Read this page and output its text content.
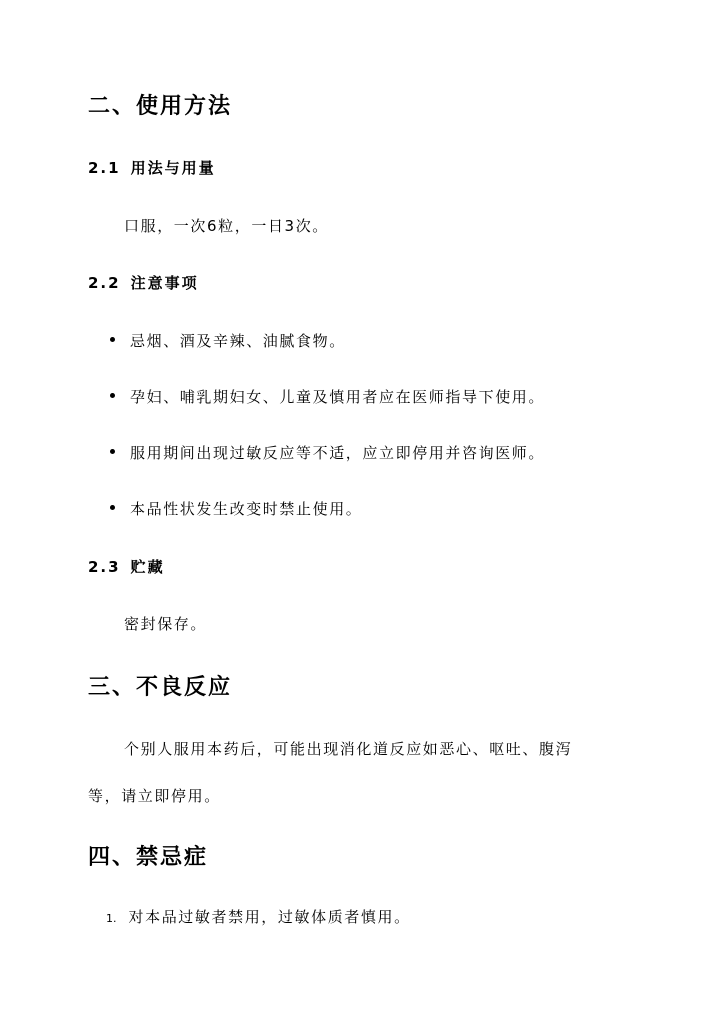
二、使用方法
2.1 用法与用量
口服，一次6粒，一日3次。
2.2 注意事项
忌烟、酒及辛辣、油腻食物。
孕妇、哺乳期妇女、儿童及慎用者应在医师指导下使用。
服用期间出现过敏反应等不适，应立即停用并咨询医师。
本品性状发生改变时禁止使用。
2.3 贮藏
密封保存。
三、不良反应
个别人服用本药后，可能出现消化道反应如恶心、呕吐、腹泻
等，请立即停用。
四、禁忌症
1. 对本品过敏者禁用，过敏体质者慎用。
